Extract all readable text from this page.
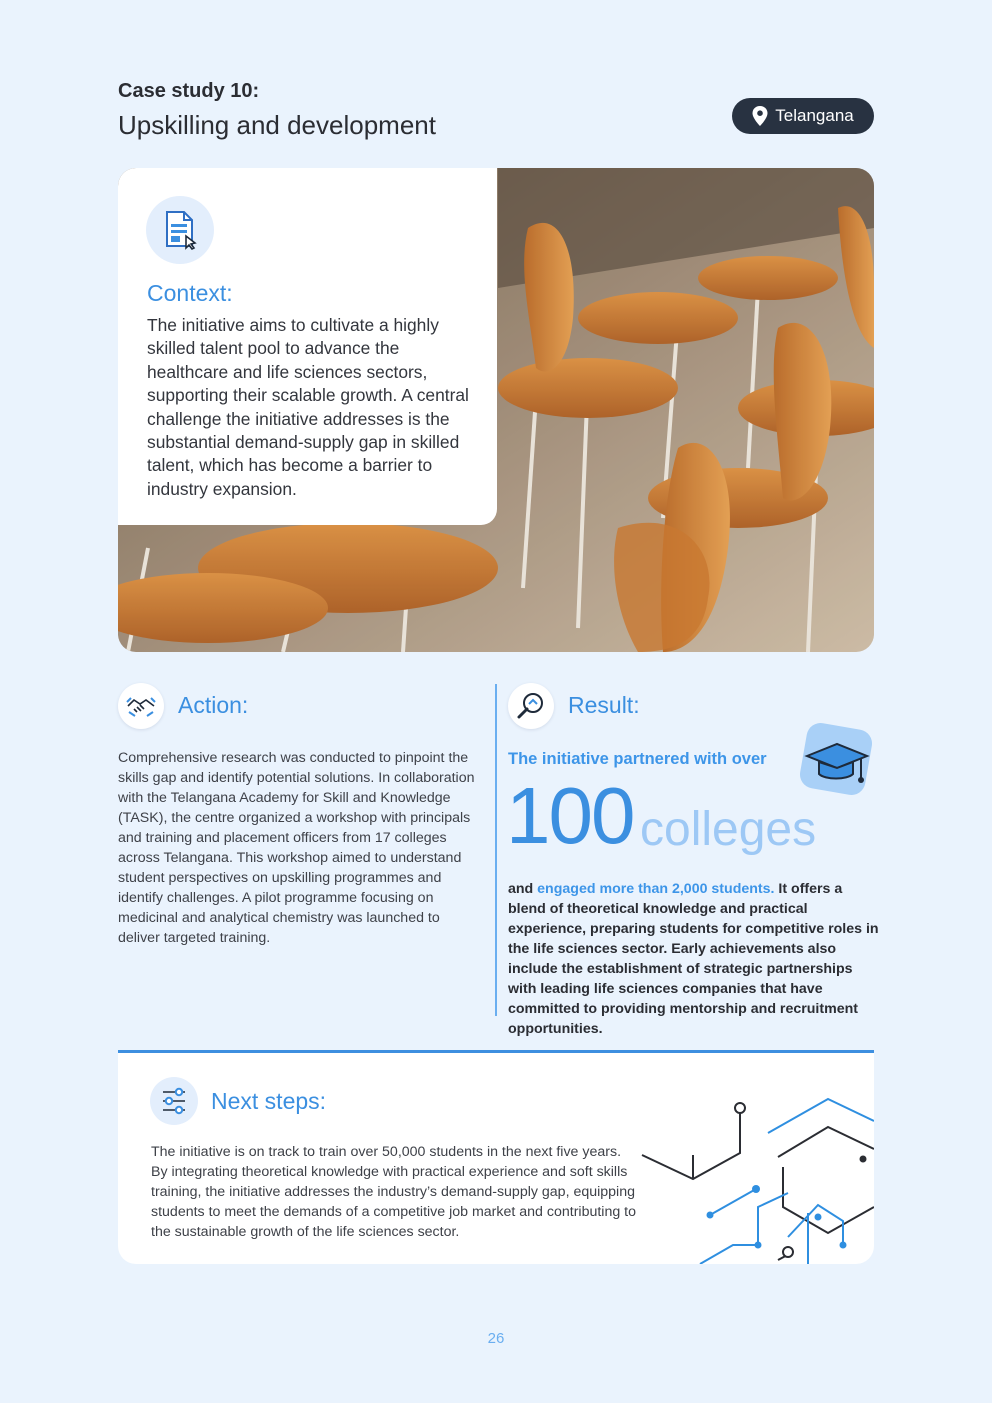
Case study 10:
Upskilling and development	Telangana
Context:
The initiative aims to cultivate a highly skilled talent pool to advance the healthcare and life sciences sectors, supporting their scalable growth. A central challenge the initiative addresses is the substantial demand-supply gap in skilled talent, which has become a barrier to industry expansion.
Action:
Comprehensive research was conducted to pinpoint the skills gap and identify potential solutions. In collaboration with the Telangana Academy for Skill and Knowledge (TASK), the centre organized a workshop with principals and training and placement officers from 17 colleges across Telangana. This workshop aimed to understand student perspectives on upskilling programmes and identify challenges. A pilot programme focusing on medicinal and analytical chemistry was launched to deliver targeted training.
Result:
The initiative partnered with over
100 colleges
and engaged more than 2,000 students. It offers a blend of theoretical knowledge and practical experience, preparing students for competitive roles in the life sciences sector. Early achievements also include the establishment of strategic partnerships with leading life sciences companies that have committed to providing mentorship and recruitment opportunities.
Next steps:
The initiative is on track to train over 50,000 students in the next five years. By integrating theoretical knowledge with practical experience and soft skills training, the initiative addresses the industry’s demand-supply gap, equipping students to meet the demands of a competitive job market and contributing to the sustainable growth of the life sciences sector.
26
